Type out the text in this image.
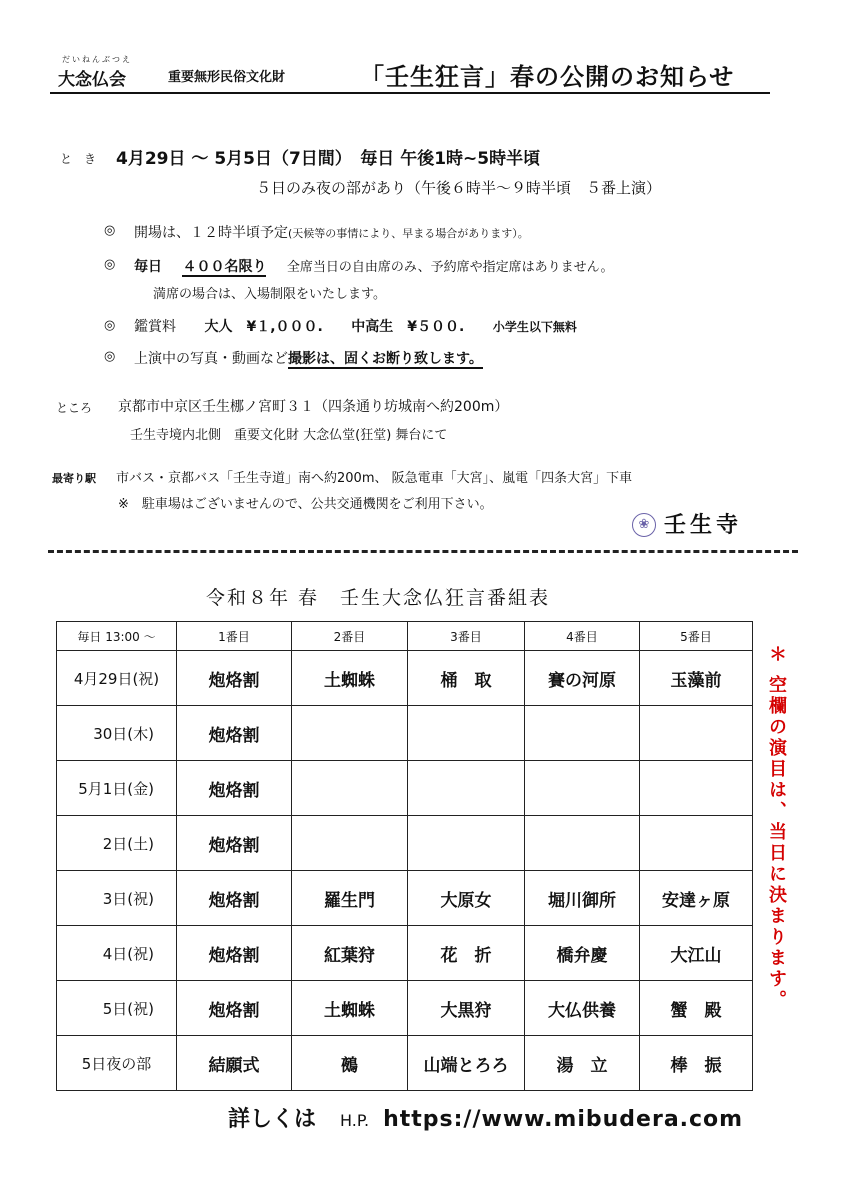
だいねんぶつえ
大念仏会	重要無形民俗文化財	「壬生狂言」春の公開のお知らせ
と　き 4月29日 ～ 5月5日（7日間）　毎日 午後1時~5時半頃
５日のみ夜の部があり（午後６時半～９時半頃　５番上演）
◎ 開場は、１２時半頃予定(天候等の事情により、早まる場合があります）。
◎ 毎日 ４００名限り 全席当日の自由席のみ、予約席や指定席はありません。
満席の場合は、入場制限をいたします。
◎ 鑑賞料 大人　¥１,０００. 中高生　¥５００. 小学生以下無料
◎ 上演中の写真・動画など撮影は、固くお断り致します。
ところ 京都市中京区壬生梛ノ宮町３１（四条通り坊城南へ約200m）
壬生寺境内北側　重要文化財 大念仏堂(狂堂) 舞台にて
最寄り駅 市バス・京都バス「壬生寺道」南へ約200m、 阪急電車「大宮」、嵐電「四条大宮」下車
※　駐車場はございませんので、公共交通機関をご利用下さい。
❀ 壬生寺
令和８年 春　壬生大念仏狂言番組表
毎日 13:00 ～	1番目	2番目	3番目	4番目	5番目
4月29日(祝)	炮烙割	土蜘蛛	桶　取	賽の河原	玉藻前
30日(木)	炮烙割				
5月1日(金)	炮烙割				
2日(土)	炮烙割				
3日(祝)	炮烙割	羅生門	大原女	堀川御所	安達ヶ原
4日(祝)	炮烙割	紅葉狩	花　折	橋弁慶	大江山
5日(祝)	炮烙割	土蜘蛛	大黒狩	大仏供養	蟹　殿
5日夜の部	結願式	鵺	山端とろろ	湯　立	棒　振
＊ 空欄の演目は、当日に決まります。
詳しくは H.P. https://www.mibudera.com
